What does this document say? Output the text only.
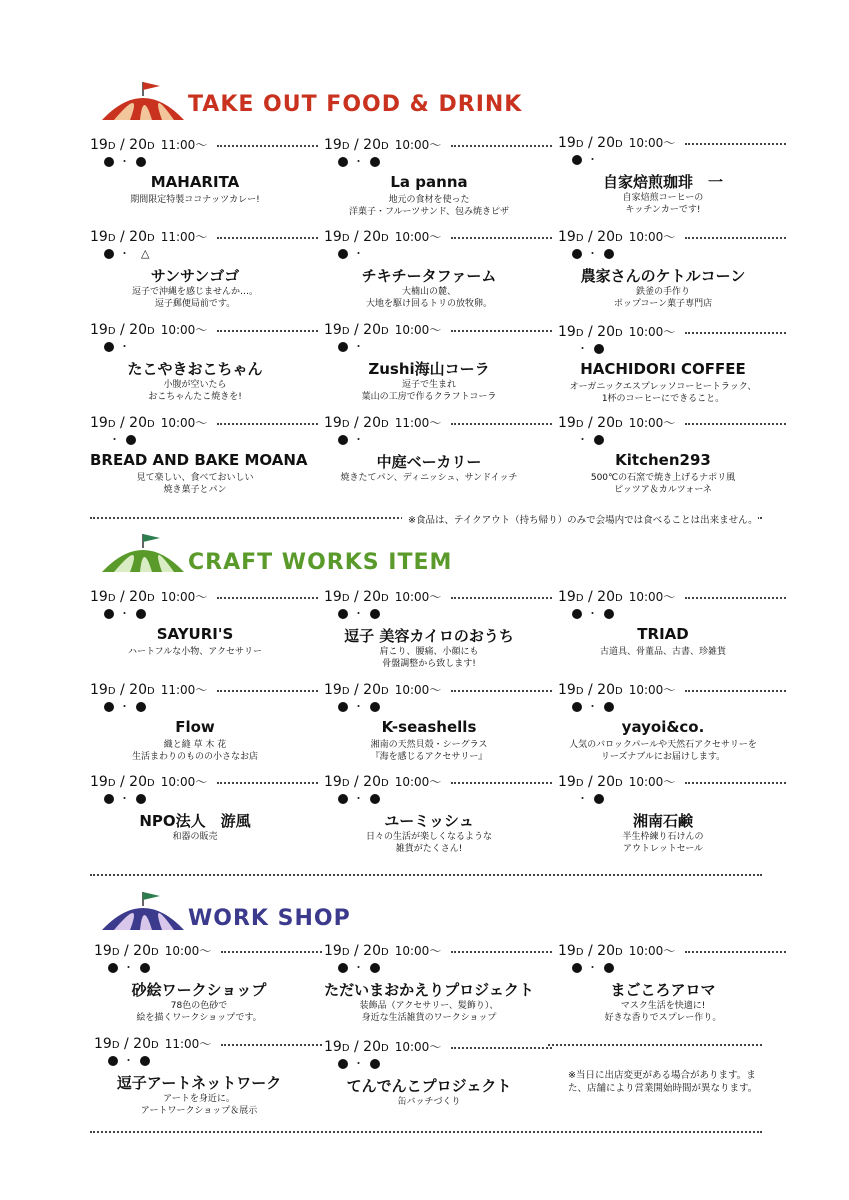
TAKE OUT FOOD & DRINK
CRAFT WORKS ITEM
WORK SHOP
19D / 20D 11:00〜
・
MAHARITA
期間限定特製ココナッツカレー!
19D / 20D 10:00〜
・
La panna
地元の食材を使った
洋菓子・フルーツサンド、包み焼きピザ
19D / 20D 10:00〜
・
自家焙煎珈琲　一
自家焙煎コーヒーの
キッチンカーです!
19D / 20D 11:00〜
・ △
サンサンゴゴ
逗子で沖縄を感じませんか…。
逗子郵便局前です。
19D / 20D 10:00〜
・
チキチータファーム
大楠山の麓、
大地を駆け回るトリの放牧卵。
19D / 20D 10:00〜
・
農家さんのケトルコーン
鉄釜の手作り
ポップコーン菓子専門店
19D / 20D 10:00〜
・
たこやきおこちゃん
小腹が空いたら
おこちゃんたこ焼きを!
19D / 20D 10:00〜
・
Zushi海山コーラ
逗子で生まれ
葉山の工房で作るクラフトコーラ
19D / 20D 10:00〜
・
HACHIDORI COFFEE
オーガニックエスプレッソコーヒートラック、
1杯のコーヒーにできること。
19D / 20D 10:00〜
・
BREAD AND BAKE MOANA
見て楽しい、食べておいしい
焼き菓子とパン
19D / 20D 11:00〜
・
中庭ベーカリー
焼きたてパン、ディニッシュ、サンドイッチ
19D / 20D 10:00〜
・
Kitchen293
500℃の石窯で焼き上げるナポリ風
ピッツア＆カルツォーネ
19D / 20D 10:00〜
・
SAYURI'S
ハートフルな小物、アクセサリー
19D / 20D 10:00〜
・
逗子 美容カイロのおうち
肩こり、腰痛、小顔にも
骨盤調整から致します!
19D / 20D 10:00〜
・
TRIAD
古道具、骨董品、古書、珍雑貨
19D / 20D 11:00〜
・
Flow
織と縫 草 木 花
生活まわりのものの小さなお店
19D / 20D 10:00〜
・
K-seashells
湘南の天然貝殻・シーグラス
『海を感じるアクセサリー』
19D / 20D 10:00〜
・
yayoi&co.
人気のバロックパールや天然石アクセサリーを
リーズナブルにお届けします。
19D / 20D 10:00〜
・
NPO法人　游風
和器の販売
19D / 20D 10:00〜
・
ユーミッシュ
日々の生活が楽しくなるような
雑貨がたくさん!
19D / 20D 10:00〜
・
湘南石鹸
半生枠練り石けんの
アウトレットセール
19D / 20D 10:00〜
・
砂絵ワークショップ
78色の色砂で
絵を描くワークショップです。
19D / 20D 10:00〜
・
ただいまおかえりプロジェクト
装飾品（アクセサリー、髪飾り）、
身近な生活雑貨のワークショップ
19D / 20D 10:00〜
・
まごころアロマ
マスク生活を快適に!
好きな香りでスプレー作り。
19D / 20D 11:00〜
・
逗子アートネットワーク
アートを身近に。
アートワークショップ＆展示
19D / 20D 10:00〜
・
てんでんこプロジェクト
缶バッチづくり
※食品は、テイクアウト（持ち帰り）のみで会場内では食べることは出来ません。
※当日に出店変更がある場合があります。また、店舗により営業開始時間が異なります。
